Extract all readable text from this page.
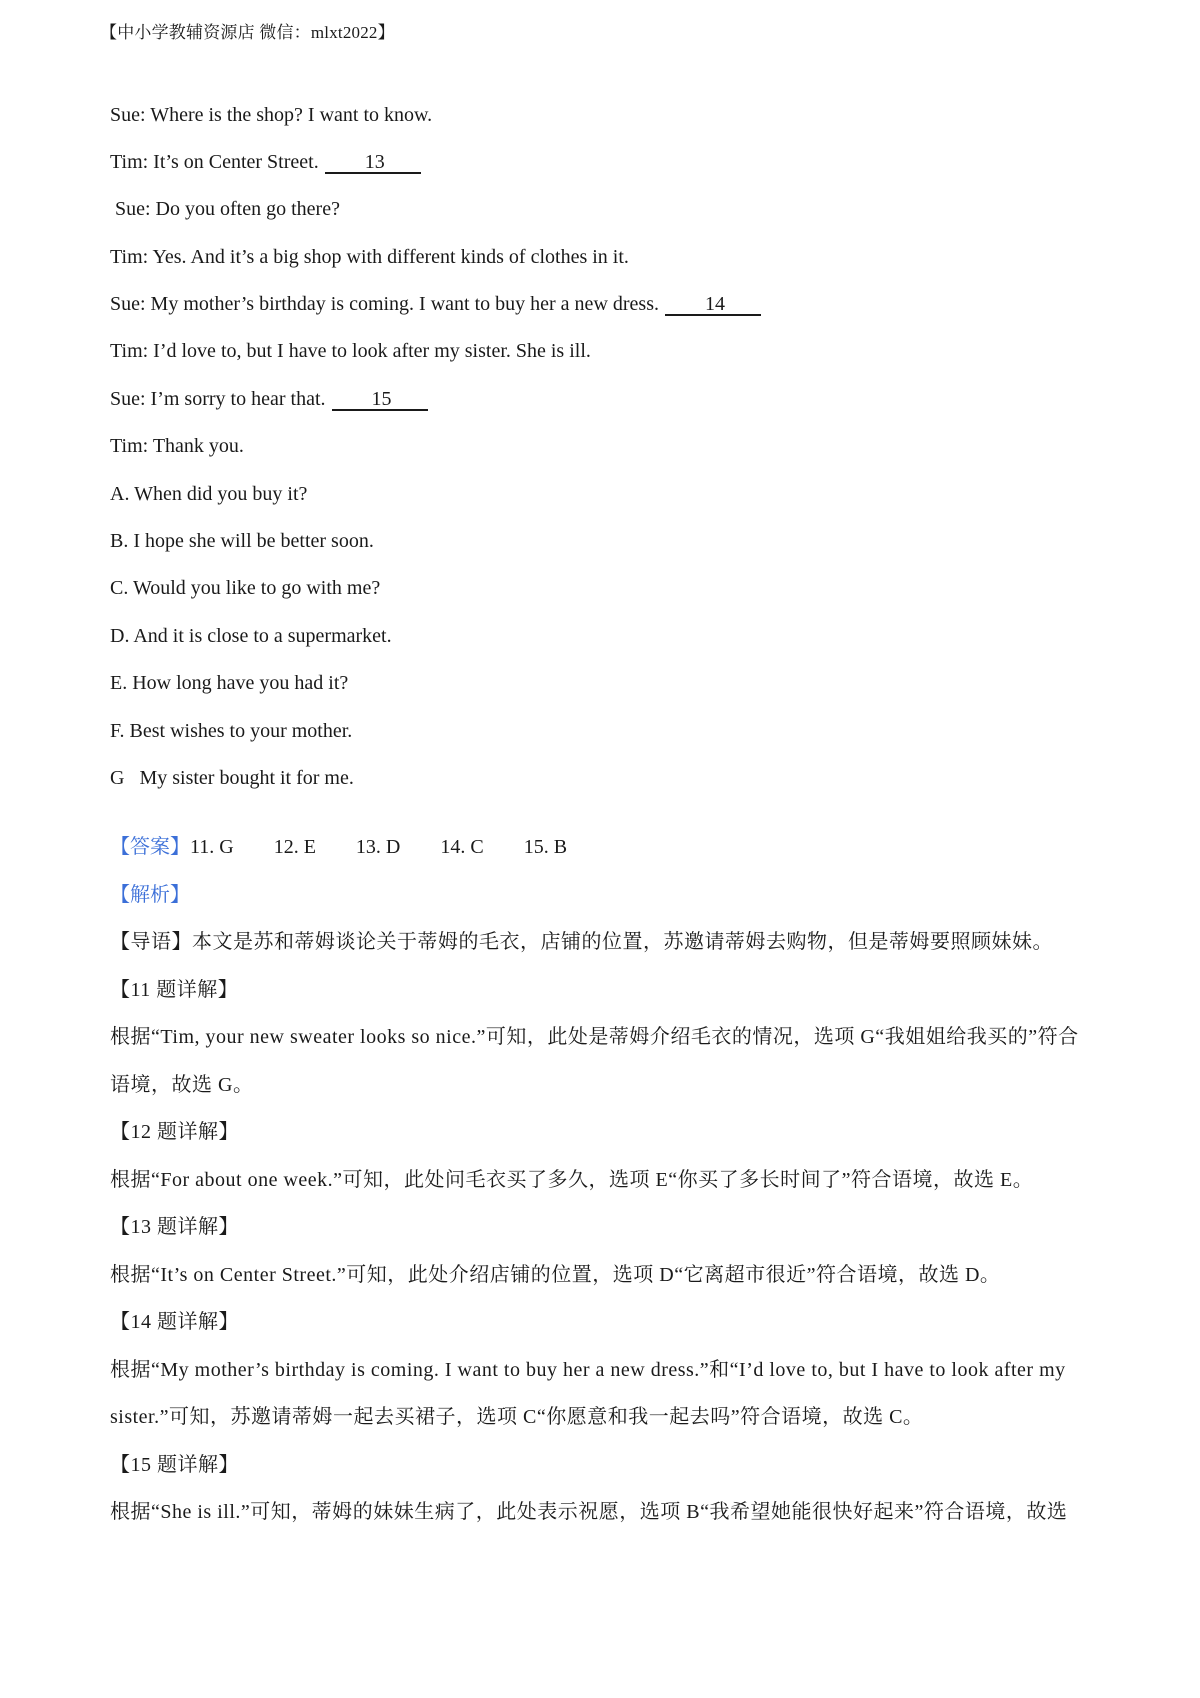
【中小学教辅资源店 微信：mlxt2022】
Sue: Where is the shop? I want to know.
Tim: It’s on Center Street. 13
Sue: Do you often go there?
Tim: Yes. And it’s a big shop with different kinds of clothes in it.
Sue: My mother’s birthday is coming. I want to buy her a new dress. 14
Tim: I’d love to, but I have to look after my sister. She is ill.
Sue: I’m sorry to hear that. 15
Tim: Thank you.
A. When did you buy it?
B. I hope she will be better soon.
C. Would you like to go with me?
D. And it is close to a supermarket.
E. How long have you had it?
F. Best wishes to your mother.
G   My sister bought it for me.
【答案】11. G 12. E 13. D 14. C 15. B
【解析】
【导语】本文是苏和蒂姆谈论关于蒂姆的毛衣，店铺的位置，苏邀请蒂姆去购物，但是蒂姆要照顾妹妹。
【11 题详解】
根据“Tim, your new sweater looks so nice.”可知，此处是蒂姆介绍毛衣的情况，选项 G“我姐姐给我买的”符合
语境，故选 G。
【12 题详解】
根据“For about one week.”可知，此处问毛衣买了多久，选项 E“你买了多长时间了”符合语境，故选 E。
【13 题详解】
根据“It’s on Center Street.”可知，此处介绍店铺的位置，选项 D“它离超市很近”符合语境，故选 D。
【14 题详解】
根据“My mother’s birthday is coming. I want to buy her a new dress.”和“I’d love to, but I have to look after my
sister.”可知，苏邀请蒂姆一起去买裙子，选项 C“你愿意和我一起去吗”符合语境，故选 C。
【15 题详解】
根据“She is ill.”可知，蒂姆的妹妹生病了，此处表示祝愿，选项 B“我希望她能很快好起来”符合语境，故选
